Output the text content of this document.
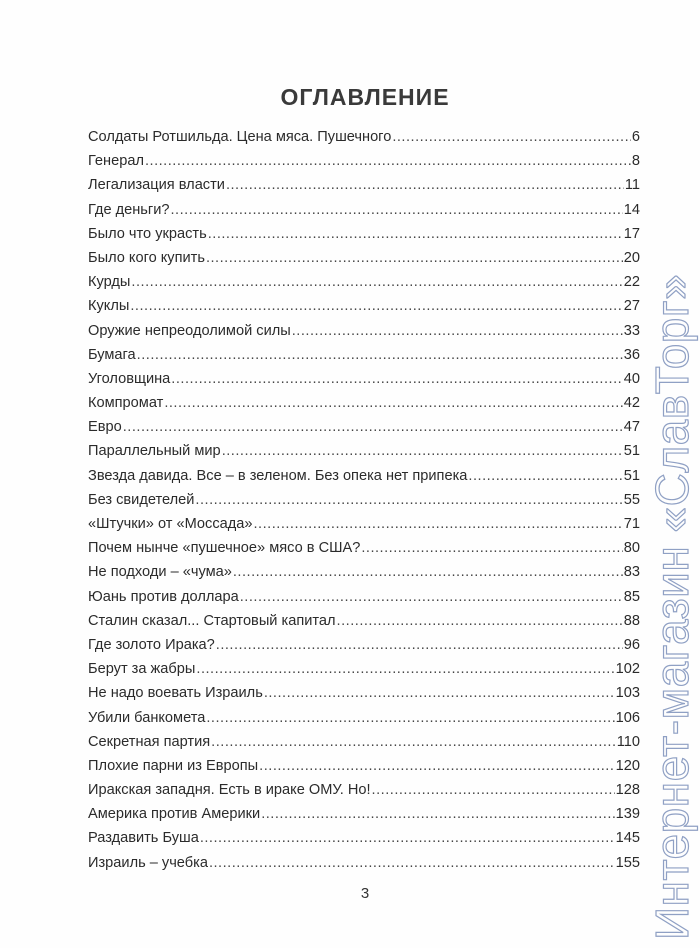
ОГЛАВЛЕНИЕ
Солдаты Ротшильда. Цена мяса. Пушечного .....	6
Генерал .....	8
Легализация власти .....	11
Где деньги? .....	14
Было что украсть .....	17
Было кого купить .....	20
Курды .....	22
Куклы .....	27
Оружие непреодолимой силы .....	33
Бумага .....	36
Уголовщина .....	40
Компромат .....	42
Евро .....	47
Параллельный мир .....	51
Звезда давида. Все – в зеленом. Без опека нет припека .....	51
Без свидетелей .....	55
«Штучки» от «Моссада» .....	71
Почем нынче «пушечное» мясо в США? .....	80
Не подходи – «чума» .....	83
Юань против доллара .....	85
Сталин сказал... Стартовый капитал .....	88
Где золото Ирака? .....	96
Берут за жабры .....	102
Не надо воевать Израиль .....	103
Убили банкомета .....	106
Секретная партия .....	110
Плохие парни из Европы .....	120
Иракская западня. Есть в ираке ОМУ. Но! .....	128
Америка против Америки .....	139
Раздавить Буша .....	145
Израиль – учебка .....	155
3	Интернет-магазин «СлавТорг»
